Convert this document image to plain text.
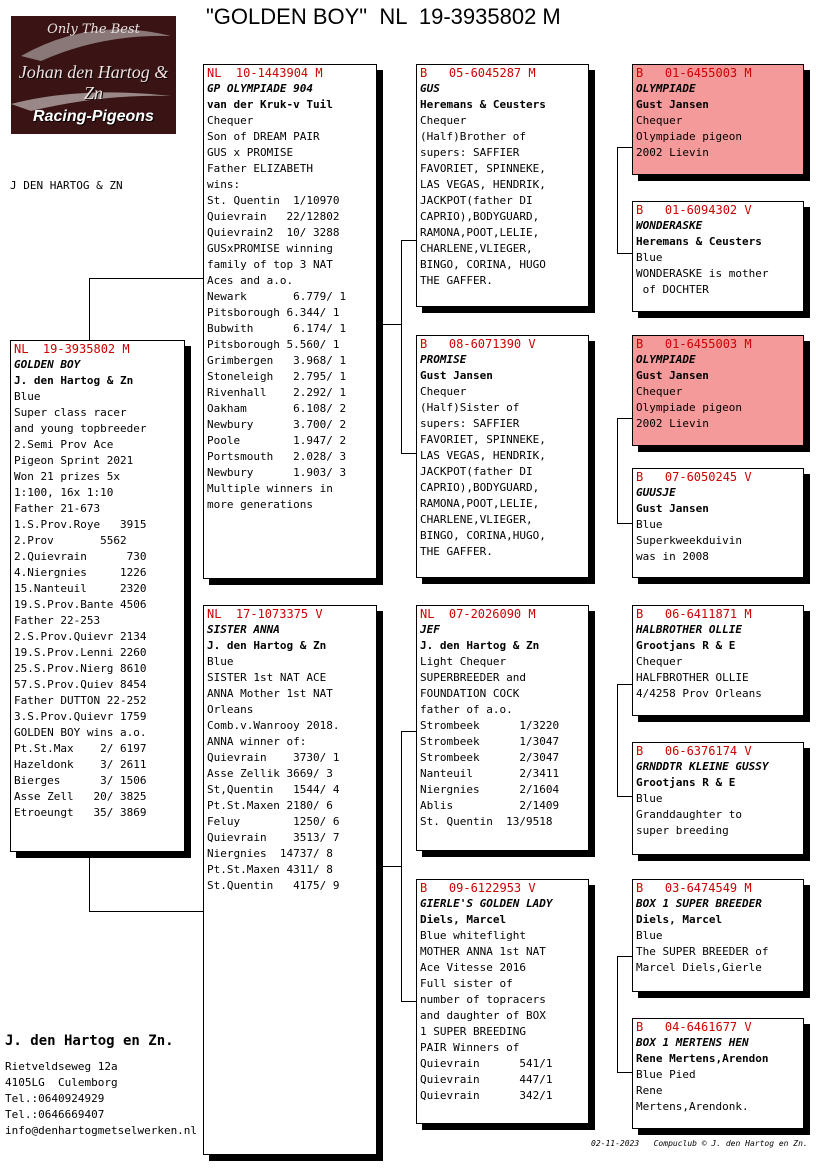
"GOLDEN BOY"  NL  19-3935802 M
Only The Best
Johan den Hartog & Zn
Racing-Pigeons
J DEN HARTOG & ZN
NL  19-3935802 M
GOLDEN BOY
J. den Hartog & Zn
Blue
Super class racer
and young topbreeder
2.Semi Prov Ace
Pigeon Sprint 2021
Won 21 prizes 5x
1:100, 16x 1:10
Father 21-673
1.S.Prov.Roye   3915
2.Prov       5562
2.Quievrain      730
4.Niergnies     1226
15.Nanteuil     2320
19.S.Prov.Bante 4506
Father 22-253
2.S.Prov.Quievr 2134
19.S.Prov.Lenni 2260
25.S.Prov.Nierg 8610
57.S.Prov.Quiev 8454
Father DUTTON 22-252
3.S.Prov.Quievr 1759
GOLDEN BOY wins a.o.
Pt.St.Max    2/ 6197
Hazeldonk    3/ 2611
Bierges      3/ 1506
Asse Zell   20/ 3825
Etroeungt   35/ 3869
NL  10-1443904 M
GP OLYMPIADE 904
van der Kruk-v Tuil
Chequer
Son of DREAM PAIR
GUS x PROMISE
Father ELIZABETH
wins:
St. Quentin  1/10970
Quievrain   22/12802
Quievrain2  10/ 3288
GUSxPROMISE winning
family of top 3 NAT
Aces and a.o.
Newark       6.779/ 1
Pitsborough 6.344/ 1
Bubwith      6.174/ 1
Pitsborough 5.560/ 1
Grimbergen   3.968/ 1
Stoneleigh   2.795/ 1
Rivenhall    2.292/ 1
Oakham       6.108/ 2
Newbury      3.700/ 2
Poole        1.947/ 2
Portsmouth   2.028/ 3
Newbury      1.903/ 3
Multiple winners in
more generations
NL  17-1073375 V
SISTER ANNA
J. den Hartog & Zn
Blue
SISTER 1st NAT ACE
ANNA Mother 1st NAT
Orleans
Comb.v.Wanrooy 2018.
ANNA winner of:
Quievrain    3730/ 1
Asse Zellik 3669/ 3
St,Quentin   1544/ 4
Pt.St.Maxen 2180/ 6
Feluy        1250/ 6
Quievrain    3513/ 7
Niergnies  14737/ 8
Pt.St.Maxen 4311/ 8
St.Quentin   4175/ 9
B   05-6045287 M
GUS
Heremans & Ceusters
Chequer
(Half)Brother of
supers: SAFFIER
FAVORIET, SPINNEKE,
LAS VEGAS, HENDRIK,
JACKPOT(father DI
CAPRIO),BODYGUARD,
RAMONA,POOT,LELIE,
CHARLENE,VLIEGER,
BINGO, CORINA, HUGO
THE GAFFER.
B   08-6071390 V
PROMISE
Gust Jansen
Chequer
(Half)Sister of
supers: SAFFIER
FAVORIET, SPINNEKE,
LAS VEGAS, HENDRIK,
JACKPOT(father DI
CAPRIO),BODYGUARD,
RAMONA,POOT,LELIE,
CHARLENE,VLIEGER,
BINGO, CORINA,HUGO,
THE GAFFER.
NL  07-2026090 M
JEF
J. den Hartog & Zn
Light Chequer
SUPERBREEDER and
FOUNDATION COCK
father of a.o.
Strombeek      1/3220
Strombeek      1/3047
Strombeek      2/3047
Nanteuil       2/3411
Niergnies      2/1604
Ablis          2/1409
St. Quentin  13/9518
B   09-6122953 V
GIERLE'S GOLDEN LADY
Diels, Marcel
Blue whiteflight
MOTHER ANNA 1st NAT
Ace Vitesse 2016
Full sister of
number of topracers
and daughter of BOX
1 SUPER BREEDING
PAIR Winners of
Quievrain      541/1
Quievrain      447/1
Quievrain      342/1
B   01-6455003 M
OLYMPIADE
Gust Jansen
Chequer
Olympiade pigeon
2002 Lievin
B   01-6094302 V
WONDERASKE
Heremans & Ceusters
Blue
WONDERASKE is mother
of DOCHTER
B   01-6455003 M
OLYMPIADE
Gust Jansen
Chequer
Olympiade pigeon
2002 Lievin
B   07-6050245 V
GUUSJE
Gust Jansen
Blue
Superkweekduivin
was in 2008
B   06-6411871 M
HALBROTHER OLLIE
Grootjans R & E
Chequer
HALFBROTHER OLLIE
4/4258 Prov Orleans
B   06-6376174 V
GRNDDTR KLEINE GUSSY
Grootjans R & E
Blue
Granddaughter to
super breeding
B   03-6474549 M
BOX 1 SUPER BREEDER
Diels, Marcel
Blue
The SUPER BREEDER of
Marcel Diels,Gierle
B   04-6461677 V
BOX 1 MERTENS HEN
Rene Mertens,Arendon
Blue Pied
Rene
Mertens,Arendonk.
J. den Hartog en Zn.
Rietveldseweg 12a
4105LG  Culemborg
Tel.:0640924929
Tel.:0646669407
info@denhartogmetselwerken.nl
02-11-2023   Compuclub © J. den Hartog en Zn.
